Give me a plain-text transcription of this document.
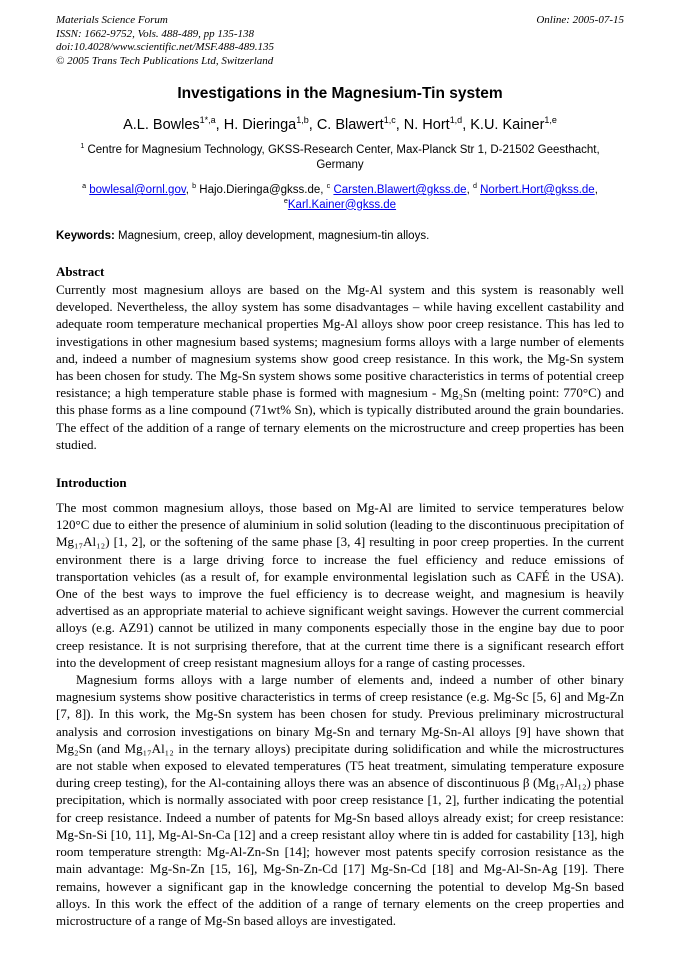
Materials Science Forum
ISSN: 1662-9752, Vols. 488-489, pp 135-138
doi:10.4028/www.scientific.net/MSF.488-489.135
© 2005 Trans Tech Publications Ltd, Switzerland
Online: 2005-07-15
Investigations in the Magnesium-Tin system
A.L. Bowles$^{1*,a}$, H. Dieringa$^{1,b}$, C. Blawert$^{1,c}$, N. Hort$^{1,d}$, K.U. Kainer$^{1,e}$
$^1$ Centre for Magnesium Technology, GKSS-Research Center, Max-Planck Str 1, D-21502 Geesthacht, Germany
$^a$ bowlesal@ornl.gov, $^b$ Hajo.Dieringa@gkss.de, $^c$ Carsten.Blawert@gkss.de, $^d$ Norbert.Hort@gkss.de,
$^e$Karl.Kainer@gkss.de
Keywords: Magnesium, creep, alloy development, magnesium-tin alloys.
Abstract

Currently most magnesium alloys are based on the Mg-Al system and this system is reasonably well developed. Nevertheless, the alloy system has some disadvantages – while having excellent castability and adequate room temperature mechanical properties Mg-Al alloys show poor creep resistance. This has led to investigations in other magnesium based systems; magnesium forms alloys with a large number of elements and, indeed a number of magnesium systems show good creep resistance. In this work, the Mg-Sn system has been chosen for study. The Mg-Sn system shows some positive characteristics in terms of potential creep resistance; a high temperature stable phase is formed with magnesium - Mg₂Sn (melting point: 770°C) and this phase forms as a line compound (71wt% Sn), which is typically distributed around the grain boundaries. The effect of the addition of a range of ternary elements on the microstructure and creep properties has been studied.

Introduction

The most common magnesium alloys, those based on Mg-Al are limited to service temperatures below 120°C due to either the presence of aluminium in solid solution (leading to the discontinuous precipitation of Mg₁₇Al₁₂) [1, 2], or the softening of the same phase [3, 4] resulting in poor creep properties. In the current environment there is a large driving force to increase the fuel efficiency and reduce emissions of transportation vehicles (as a result of, for example environmental legislation such as CAFÉ in the USA). One of the best ways to improve the fuel efficiency is to decrease weight, and magnesium is heavily advertised as an appropriate material to achieve significant weight savings. However the current commercial alloys (e.g. AZ91) cannot be utilized in many components especially those in the engine bay due to poor creep resistance. It is not surprising therefore, that at the current time there is a significant research effort into the development of creep resistant magnesium alloys for a range of casting processes.

Magnesium forms alloys with a large number of elements and, indeed a number of other binary magnesium systems show positive characteristics in terms of creep resistance (e.g. Mg-Sc [5, 6] and Mg-Zn [7, 8]). In this work, the Mg-Sn system has been chosen for study. Previous preliminary microstructural analysis and corrosion investigations on binary Mg-Sn and ternary Mg-Sn-Al alloys [9] have shown that Mg₂Sn (and Mg₁₇Al₁₂ in the ternary alloys) precipitate during solidification and while the microstructures are not stable when exposed to elevated temperatures (T5 heat treatment, simulating temperature exposure during creep testing), for the Al-containing alloys there was an absence of discontinuous β (Mg₁₇Al₁₂) phase precipitation, which is normally associated with poor creep resistance [1, 2], further indicating the potential for creep resistance. Indeed a number of patents for Mg-Sn based alloys already exist; for creep resistance: Mg-Sn-Si [10, 11], Mg-Al-Sn-Ca [12] and a creep resistant alloy where tin is added for castability [13], high room temperature strength: Mg-Al-Zn-Sn [14]; however most patents specify corrosion resistance as the main advantage: Mg-Sn-Zn [15, 16], Mg-Sn-Zn-Cd [17] Mg-Sn-Cd [18] and Mg-Al-Sn-Ag [19]. There remains, however a significant gap in the knowledge concerning the potential to develop Mg-Sn based alloys. In this work the effect of the addition of a range of ternary elements on the creep properties and microstructure of a range of Mg-Sn based alloys are investigated.
